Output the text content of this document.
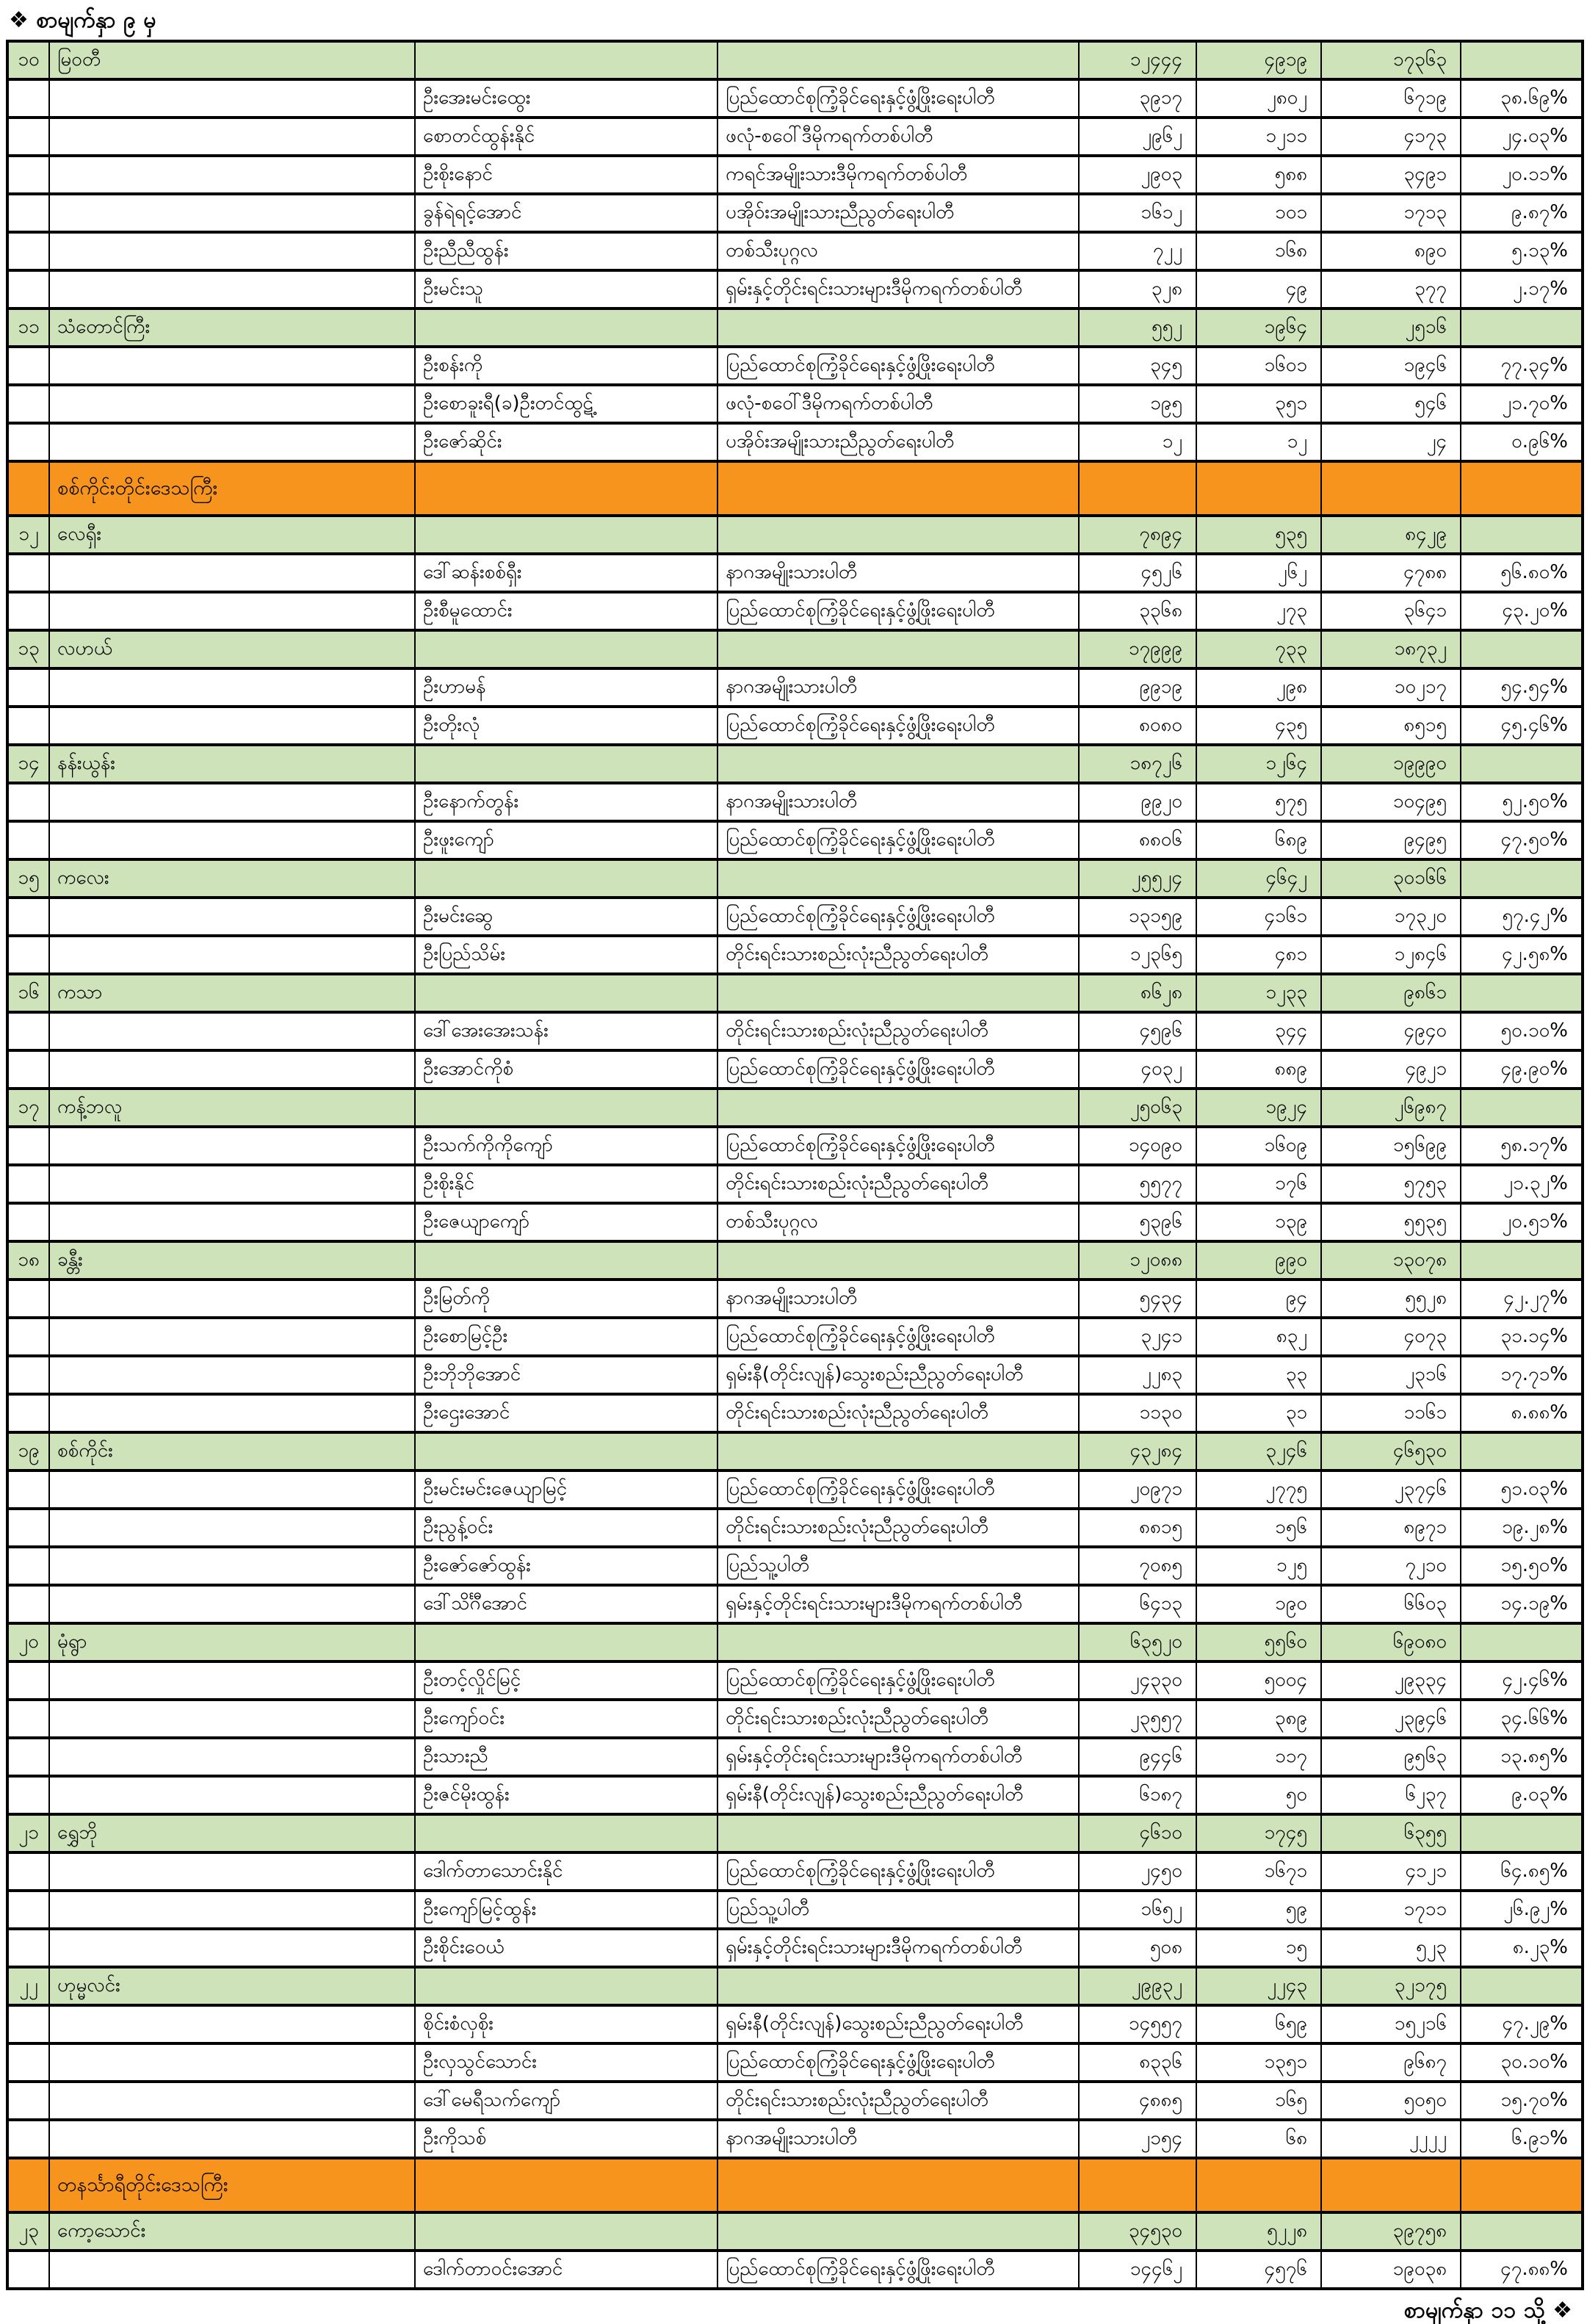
❖ စာမျက်နှာ ၉ မှ
၁၀	မြဝတီ			၁၂၄၄၄	၄၉၁၉	၁၇၃၆၃	
		ဦးအေးမင်းထွေး	ပြည်ထောင်စုကြံ့ခိုင်ရေးနှင့်ဖွံ့ဖြိုးရေးပါတီ	၃၉၁၇	၂၈၀၂	၆၇၁၉	၃၈.၆၉%
		စောတင်ထွန်းနိုင်	ဖလုံ-စဝေါ်ဒီမိုကရက်တစ်ပါတီ	၂၉၆၂	၁၂၁၁	၄၁၇၃	၂၄.၀၃%
		ဦးစိုးနောင်	ကရင်အမျိုးသားဒီမိုကရက်တစ်ပါတီ	၂၉၀၃	၅၈၈	၃၄၉၁	၂၀.၁၁%
		ခွန်ရဲရင့်အောင်	ပအိုဝ်းအမျိုးသားညီညွတ်ရေးပါတီ	၁၆၁၂	၁၀၁	၁၇၁၃	၉.၈၇%
		ဦးညီညီထွန်း	တစ်သီးပုဂ္ဂလ	၇၂၂	၁၆၈	၈၉၀	၅.၁၃%
		ဦးမင်းသူ	ရှမ်းနှင့်တိုင်းရင်းသားများဒီမိုကရက်တစ်ပါတီ	၃၂၈	၄၉	၃၇၇	၂.၁၇%
၁၁	သံတောင်ကြီး			၅၅၂	၁၉၆၄	၂၅၁၆	
		ဦးစန်းကို	ပြည်ထောင်စုကြံ့ခိုင်ရေးနှင့်ဖွံ့ဖြိုးရေးပါတီ	၃၄၅	၁၆၀၁	၁၉၄၆	၇၇.၃၄%
		ဦးစောခူးရီ(ခ)ဦးတင်ထွဋ့်	ဖလုံ-စဝေါ်ဒီမိုကရက်တစ်ပါတီ	၁၉၅	၃၅၁	၅၄၆	၂၁.၇၀%
		ဦးဇော်ဆိုင်း	ပအိုဝ်းအမျိုးသားညီညွတ်ရေးပါတီ	၁၂	၁၂	၂၄	၀.၉၆%
	စစ်ကိုင်းတိုင်းဒေသကြီး						
၁၂	လေရှီး			၇၈၉၄	၅၃၅	၈၄၂၉	
		ဒေါ်ဆန်းစစ်ရှီး	နာဂအမျိုးသားပါတီ	၄၅၂၆	၂၆၂	၄၇၈၈	၅၆.၈၀%
		ဦးစီမူထောင်း	ပြည်ထောင်စုကြံ့ခိုင်ရေးနှင့်ဖွံ့ဖြိုးရေးပါတီ	၃၃၆၈	၂၇၃	၃၆၄၁	၄၃.၂၀%
၁၃	လဟယ်			၁၇၉၉၉	၇၃၃	၁၈၇၃၂	
		ဦးဟာမန်	နာဂအမျိုးသားပါတီ	၉၉၁၉	၂၉၈	၁၀၂၁၇	၅၄.၅၄%
		ဦးတိုးလုံ	ပြည်ထောင်စုကြံ့ခိုင်ရေးနှင့်ဖွံ့ဖြိုးရေးပါတီ	၈၀၈၀	၄၃၅	၈၅၁၅	၄၅.၄၆%
၁၄	နန်းယွန်း			၁၈၇၂၆	၁၂၆၄	၁၉၉၉၀	
		ဦးနောက်တွန်း	နာဂအမျိုးသားပါတီ	၉၉၂၀	၅၇၅	၁၀၄၉၅	၅၂.၅၀%
		ဦးဖူးကျော်	ပြည်ထောင်စုကြံ့ခိုင်ရေးနှင့်ဖွံ့ဖြိုးရေးပါတီ	၈၈၀၆	၆၈၉	၉၄၉၅	၄၇.၅၀%
၁၅	ကလေး			၂၅၅၂၄	၄၆၄၂	၃၀၁၆၆	
		ဦးမင်းဆွေ	ပြည်ထောင်စုကြံ့ခိုင်ရေးနှင့်ဖွံ့ဖြိုးရေးပါတီ	၁၃၁၅၉	၄၁၆၁	၁၇၃၂၀	၅၇.၄၂%
		ဦးပြည်သိမ်း	တိုင်းရင်းသားစည်းလုံးညီညွတ်ရေးပါတီ	၁၂၃၆၅	၄၈၁	၁၂၈၄၆	၄၂.၅၈%
၁၆	ကသာ			၈၆၂၈	၁၂၃၃	၉၈၆၁	
		ဒေါ်အေးအေးသန်း	တိုင်းရင်းသားစည်းလုံးညီညွတ်ရေးပါတီ	၄၅၉၆	၃၄၄	၄၉၄၀	၅၀.၁၀%
		ဦးအောင်ကိုစံ	ပြည်ထောင်စုကြံ့ခိုင်ရေးနှင့်ဖွံ့ဖြိုးရေးပါတီ	၄၀၃၂	၈၈၉	၄၉၂၁	၄၉.၉၀%
၁၇	ကန့်ဘလူ			၂၅၀၆၃	၁၉၂၄	၂၆၉၈၇	
		ဦးသက်ကိုကိုကျော်	ပြည်ထောင်စုကြံ့ခိုင်ရေးနှင့်ဖွံ့ဖြိုးရေးပါတီ	၁၄၀၉၀	၁၆၀၉	၁၅၆၉၉	၅၈.၁၇%
		ဦးစိုးနိုင်	တိုင်းရင်းသားစည်းလုံးညီညွတ်ရေးပါတီ	၅၅၇၇	၁၇၆	၅၇၅၃	၂၁.၃၂%
		ဦးဇေယျာကျော်	တစ်သီးပုဂ္ဂလ	၅၃၉၆	၁၃၉	၅၅၃၅	၂၀.၅၁%
၁၈	ခန္တီး			၁၂၀၈၈	၉၉၀	၁၃၀၇၈	
		ဦးမြတ်ကို	နာဂအမျိုးသားပါတီ	၅၄၃၄	၉၄	၅၅၂၈	၄၂.၂၇%
		ဦးစောမြင့်ဦး	ပြည်ထောင်စုကြံ့ခိုင်ရေးနှင့်ဖွံ့ဖြိုးရေးပါတီ	၃၂၄၁	၈၃၂	၄၀၇၃	၃၁.၁၄%
		ဦးဘိုဘိုအောင်	ရှမ်းနီ(တိုင်းလျန်)သွေးစည်းညီညွတ်ရေးပါတီ	၂၂၈၃	၃၃	၂၃၁၆	၁၇.၇၁%
		ဦးဌေးအောင်	တိုင်းရင်းသားစည်းလုံးညီညွတ်ရေးပါတီ	၁၁၃၀	၃၁	၁၁၆၁	၈.၈၈%
၁၉	စစ်ကိုင်း			၄၃၂၈၄	၃၂၄၆	၄၆၅၃၀	
		ဦးမင်းမင်းဇေယျာမြင့်	ပြည်ထောင်စုကြံ့ခိုင်ရေးနှင့်ဖွံ့ဖြိုးရေးပါတီ	၂၀၉၇၁	၂၇၇၅	၂၃၇၄၆	၅၁.၀၃%
		ဦးညွန့်ဝင်း	တိုင်းရင်းသားစည်းလုံးညီညွတ်ရေးပါတီ	၈၈၁၅	၁၅၆	၈၉၇၁	၁၉.၂၈%
		ဦးဇော်ဇော်ထွန်း	ပြည်သူ့ပါတီ	၇၀၈၅	၁၂၅	၇၂၁၀	၁၅.၅၀%
		ဒေါ်သိင်္ဂီအောင်	ရှမ်းနှင့်တိုင်းရင်းသားများဒီမိုကရက်တစ်ပါတီ	၆၄၁၃	၁၉၀	၆၆၀၃	၁၄.၁၉%
၂၀	မုံရွာ			၆၃၅၂၀	၅၅၆၀	၆၉၀၈၀	
		ဦးတင့်လှိုင်မြင့်	ပြည်ထောင်စုကြံ့ခိုင်ရေးနှင့်ဖွံ့ဖြိုးရေးပါတီ	၂၄၃၃၀	၅၀၀၄	၂၉၃၃၄	၄၂.၄၆%
		ဦးကျော်ဝင်း	တိုင်းရင်းသားစည်းလုံးညီညွတ်ရေးပါတီ	၂၃၅၅၇	၃၈၉	၂၃၉၄၆	၃၄.၆၆%
		ဦးသားညီ	ရှမ်းနှင့်တိုင်းရင်းသားများဒီမိုကရက်တစ်ပါတီ	၉၄၄၆	၁၁၇	၉၅၆၃	၁၃.၈၅%
		ဦးဇင်မိုးထွန်း	ရှမ်းနီ(တိုင်းလျန်)သွေးစည်းညီညွတ်ရေးပါတီ	၆၁၈၇	၅၀	၆၂၃၇	၉.၀၃%
၂၁	ရွှေဘို			၄၆၁၀	၁၇၄၅	၆၃၅၅	
		ဒေါက်တာသောင်းနိုင်	ပြည်ထောင်စုကြံ့ခိုင်ရေးနှင့်ဖွံ့ဖြိုးရေးပါတီ	၂၄၅၀	၁၆၇၁	၄၁၂၁	၆၄.၈၅%
		ဦးကျော်မြင့်ထွန်း	ပြည်သူ့ပါတီ	၁၆၅၂	၅၉	၁၇၁၁	၂၆.၉၂%
		ဦးစိုင်းဝေယံ	ရှမ်းနှင့်တိုင်းရင်းသားများဒီမိုကရက်တစ်ပါတီ	၅၀၈	၁၅	၅၂၃	၈.၂၃%
၂၂	ဟုမ္မလင်း			၂၉၉၃၂	၂၂၄၃	၃၂၁၇၅	
		စိုင်းစံလှစိုး	ရှမ်းနီ(တိုင်းလျန်)သွေးစည်းညီညွတ်ရေးပါတီ	၁၄၅၅၇	၆၅၉	၁၅၂၁၆	၄၇.၂၉%
		ဦးလှသွင်သောင်း	ပြည်ထောင်စုကြံ့ခိုင်ရေးနှင့်ဖွံ့ဖြိုးရေးပါတီ	၈၃၃၆	၁၃၅၁	၉၆၈၇	၃၀.၁၀%
		ဒေါ်မေရီသက်ကျော်	တိုင်းရင်းသားစည်းလုံးညီညွတ်ရေးပါတီ	၄၈၈၅	၁၆၅	၅၀၅၀	၁၅.၇၀%
		ဦးကိုသစ်	နာဂအမျိုးသားပါတီ	၂၁၅၄	၆၈	၂၂၂၂	၆.၉၁%
	တနင်္သာရီတိုင်းဒေသကြီး						
၂၃	ကော့သောင်း			၃၄၅၃၀	၅၂၂၈	၃၉၇၅၈	
		ဒေါက်တာဝင်းအောင်	ပြည်ထောင်စုကြံ့ခိုင်ရေးနှင့်ဖွံ့ဖြိုးရေးပါတီ	၁၄၄၆၂	၄၅၇၆	၁၉၀၃၈	၄၇.၈၈%
စာမျက်နှာ ၁၁ သို့ ❖
